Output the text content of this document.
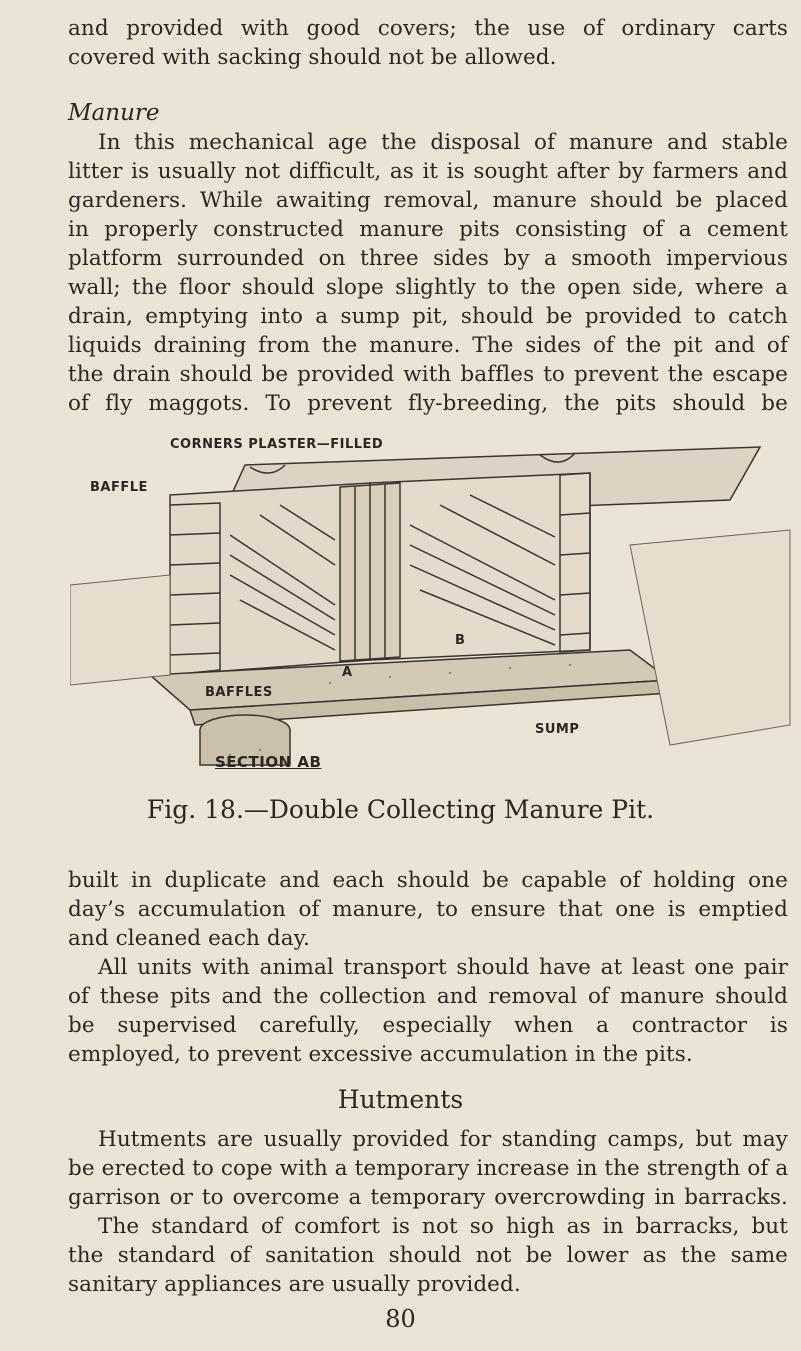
and provided with good covers; the use of ordinary carts
covered with sacking should not be allowed.
Manure
In this mechanical age the disposal of manure and stable
litter is usually not difficult, as it is sought after by farmers and
gardeners. While awaiting removal, manure should be placed
in properly constructed manure pits consisting of a cement
platform surrounded on three sides by a smooth impervious
wall; the floor should slope slightly to the open side, where a
drain, emptying into a sump pit, should be provided to catch
liquids draining from the manure. The sides of the pit and of
the drain should be provided with baffles to prevent the escape
of fly maggots. To prevent fly-breeding, the pits should be
CORNERS PLASTER—FILLED
BAFFLE
BAFFLES
SUMP
A
B
SECTION AB
Fig. 18.—Double Collecting Manure Pit.
built in duplicate and each should be capable of holding one
day’s accumulation of manure, to ensure that one is emptied
and cleaned each day.
All units with animal transport should have at least one pair
of these pits and the collection and removal of manure should
be supervised carefully, especially when a contractor is
employed, to prevent excessive accumulation in the pits.
Hutments
Hutments are usually provided for standing camps, but may
be erected to cope with a temporary increase in the strength of a
garrison or to overcome a temporary overcrowding in barracks.
The standard of comfort is not so high as in barracks, but
the standard of sanitation should not be lower as the same
sanitary appliances are usually provided.
80
